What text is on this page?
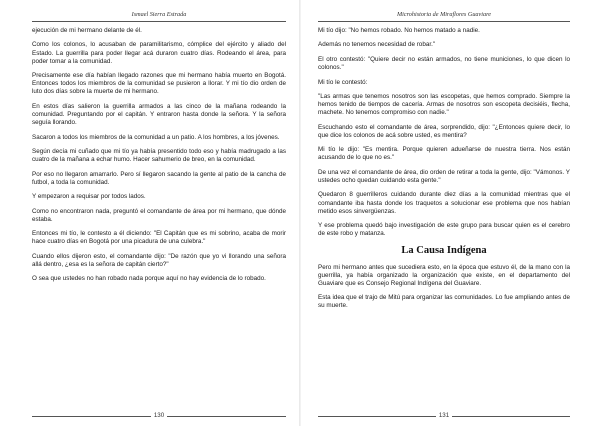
Ismael Sierra Estrada

ejecución de mi hermano delante de él.

Como los colonos, lo acusaban de paramilitarismo, cómplice del ejército y aliado del Estado. La guerrilla para poder llegar acá duraron cuatro días. Rodeando el área, para poder tomar a la comunidad.

Precisamente ese día habían llegado razones que mi hermano había muerto en Bogotá. Entonces todos los miembros de la comunidad se pusieron a llorar. Y mi tío dio orden de luto dos días sobre la muerte de mi hermano.

En estos días salieron la guerrilla armados a las cinco de la mañana rodeando la comunidad. Preguntando por el capitán. Y entraron hasta donde la señora. Y la señora seguía llorando.

Sacaron a todos los miembros de la comunidad a un patio. A los hombres, a los jóvenes.

Según decía mi cuñado que mi tío ya había presentido todo eso y había madrugado a las cuatro de la mañana a echar humo. Hacer sahumerio de breo, en la comunidad.

Por eso no llegaron amarrarlo. Pero sí llegaron sacando la gente al patio de la cancha de futbol, a toda la comunidad.

Y empezaron a requisar por todos lados.

Como no encontraron nada, preguntó el comandante de área por mi hermano, que dónde estaba.

Entonces mi tío, le contesto a él diciendo: "El Capitán que es mi sobrino, acaba de morir hace cuatro días en Bogotá por una picadura de una culebra."

Cuando ellos dijeron esto, el comandante dijo: "De razón que yo vi llorando una señora allá dentro, ¿esa es la señora de capitán cierto?"

O sea que ustedes no han robado nada porque aquí no hay evidencia de lo robado.

130
Microhistoria de Miraflores Guaviare

Mi tío dijo: "No hemos robado. No hemos matado a nadie.

Además no tenemos necesidad de robar."

El otro contestó: "Quiere decir no están armados, no tiene municiones, lo que dicen lo colonos."

Mi tío le contestó:

"Las armas que tenemos nosotros son las escopetas, que hemos comprado. Siempre la hemos tenido de tiempos de cacería. Armas de nosotros son escopeta decisiéis, flecha, machete. No tenemos compromiso con nadie."

Escuchando esto el comandante de área, sorprendido, dijo: "¿Entonces quiere decir, lo que dice los colonos de acá sobre usted, es mentira?

Mi tío le dijo: "Es mentira. Porque quieren adueñarse de nuestra tierra. Nos están acusando de lo que no es."

De una vez el comandante de área, dio orden de retirar a toda la gente, dijo: "Vámonos. Y ustedes ocho quedan cuidando esta gente."

Quedaron 8 guerrilleros cuidando durante diez días a la comunidad mientras que el comandante iba hasta donde los traquetos a solucionar ese problema que nos habían metido esos sinvergüenzas.

Y ese problema quedó bajo investigación de este grupo para buscar quien es el cerebro de este robo y matanza.

La Causa Indígena

Pero mi hermano antes que sucediera esto, en la época que estuvo él, de la mano con la guerrilla, ya había organizado la organización que existe, en el departamento del Guaviare que es Consejo Regional Indígena del Guaviare.

Esta idea que el trajo de Mitú para organizar las comunidades. Lo fue ampliando antes de su muerte.

131
